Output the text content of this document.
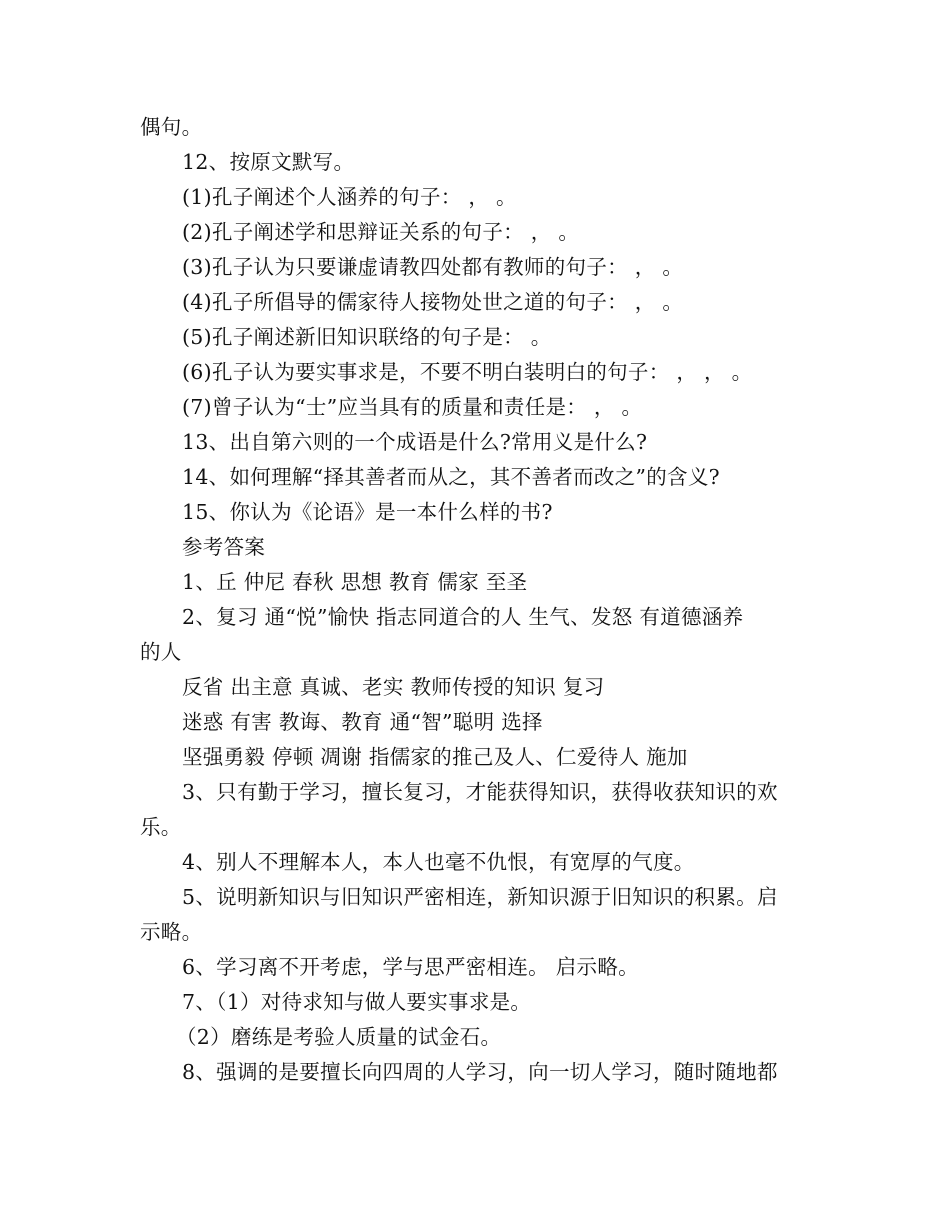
偶句。
12、按原文默写。
(1)孔子阐述个人涵养的句子： ， 。
(2)孔子阐述学和思辩证关系的句子： ， 。
(3)孔子认为只要谦虚请教四处都有教师的句子： ， 。
(4)孔子所倡导的儒家待人接物处世之道的句子： ， 。
(5)孔子阐述新旧知识联络的句子是： 。
(6)孔子认为要实事求是，不要不明白装明白的句子： ， ， 。
(7)曾子认为“士”应当具有的质量和责任是： ， 。
13、出自第六则的一个成语是什么?常用义是什么?
14、如何理解“择其善者而从之，其不善者而改之”的含义?
15、你认为《论语》是一本什么样的书?
参考答案
1、丘 仲尼 春秋 思想 教育 儒家 至圣
2、复习 通“悦”愉快 指志同道合的人 生气、发怒 有道德涵养
的人
反省 出主意 真诚、老实 教师传授的知识 复习
迷惑 有害 教诲、教育 通“智”聪明 选择
坚强勇毅 停顿 凋谢 指儒家的推己及人、仁爱待人 施加
3、只有勤于学习，擅长复习，才能获得知识，获得收获知识的欢
乐。
4、别人不理解本人，本人也毫不仇恨，有宽厚的气度。
5、说明新知识与旧知识严密相连，新知识源于旧知识的积累。启
示略。
6、学习离不开考虑，学与思严密相连。 启示略。
7、（1）对待求知与做人要实事求是。
（2）磨练是考验人质量的试金石。
8、强调的是要擅长向四周的人学习，向一切人学习，随时随地都
